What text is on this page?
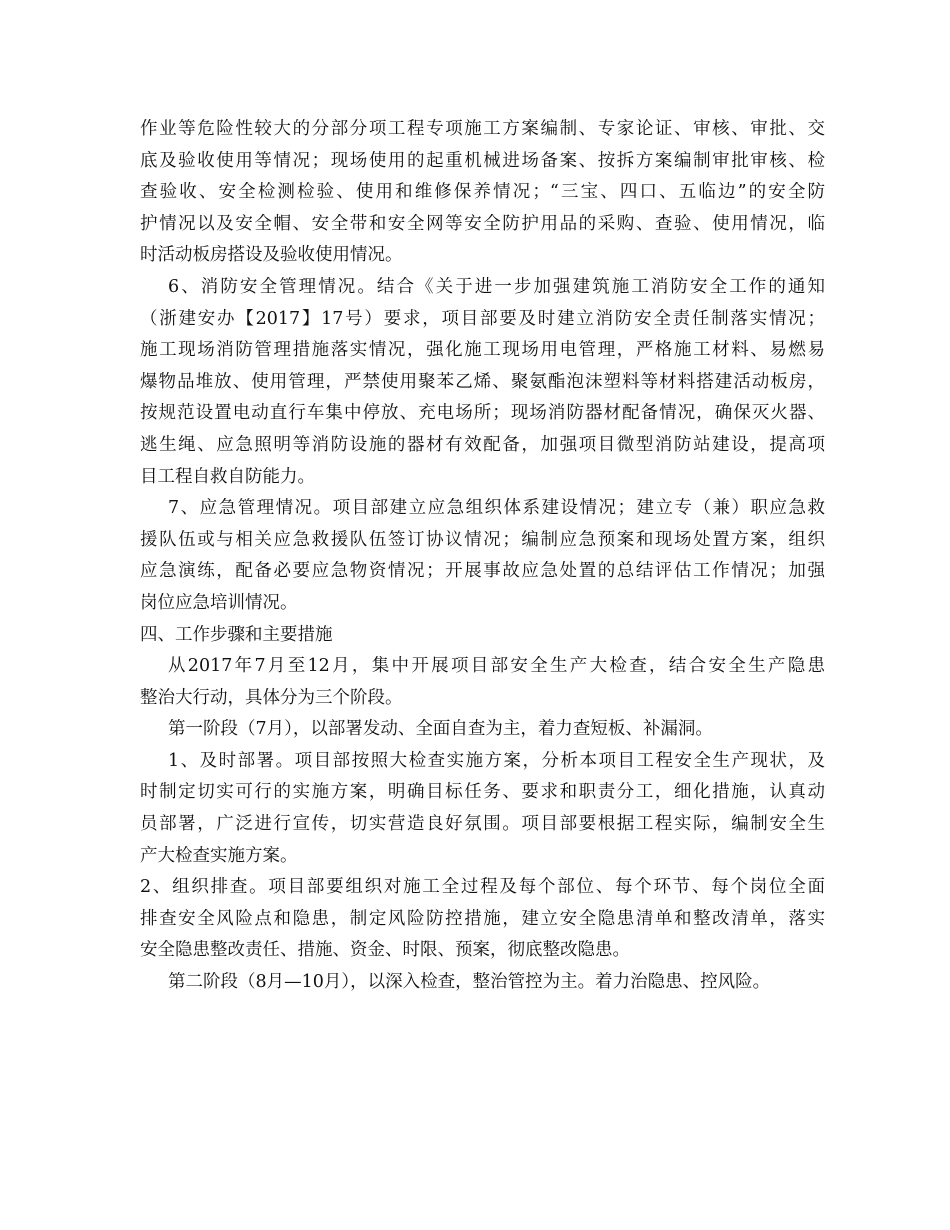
作业等危险性较大的分部分项工程专项施工方案编制、专家论证、审核、审批、交
底及验收使用等情况；现场使用的起重机械进场备案、按拆方案编制审批审核、检
查验收、安全检测检验、使用和维修保养情况；“三宝、四口、五临边”的安全防
护情况以及安全帽、安全带和安全网等安全防护用品的采购、查验、使用情况，临
时活动板房搭设及验收使用情况。
6、消防安全管理情况。结合《关于进一步加强建筑施工消防安全工作的通知
（浙建安办【2017】17号）要求，项目部要及时建立消防安全责任制落实情况；
施工现场消防管理措施落实情况，强化施工现场用电管理，严格施工材料、易燃易
爆物品堆放、使用管理，严禁使用聚苯乙烯、聚氨酯泡沫塑料等材料搭建活动板房，
按规范设置电动直行车集中停放、充电场所；现场消防器材配备情况，确保灭火器、
逃生绳、应急照明等消防设施的器材有效配备，加强项目微型消防站建设，提高项
目工程自救自防能力。
7、应急管理情况。项目部建立应急组织体系建设情况；建立专（兼）职应急救
援队伍或与相关应急救援队伍签订协议情况；编制应急预案和现场处置方案，组织
应急演练，配备必要应急物资情况；开展事故应急处置的总结评估工作情况；加强
岗位应急培训情况。
四、工作步骤和主要措施
从2017年7月至12月，集中开展项目部安全生产大检查，结合安全生产隐患
整治大行动，具体分为三个阶段。
第一阶段（7月），以部署发动、全面自查为主，着力查短板、补漏洞。
1、及时部署。项目部按照大检查实施方案，分析本项目工程安全生产现状，及
时制定切实可行的实施方案，明确目标任务、要求和职责分工，细化措施，认真动
员部署，广泛进行宣传，切实营造良好氛围。项目部要根据工程实际，编制安全生
产大检查实施方案。
2、组织排查。项目部要组织对施工全过程及每个部位、每个环节、每个岗位全面
排查安全风险点和隐患，制定风险防控措施，建立安全隐患清单和整改清单，落实
安全隐患整改责任、措施、资金、时限、预案，彻底整改隐患。
第二阶段（8月—10月），以深入检查，整治管控为主。着力治隐患、控风险。
